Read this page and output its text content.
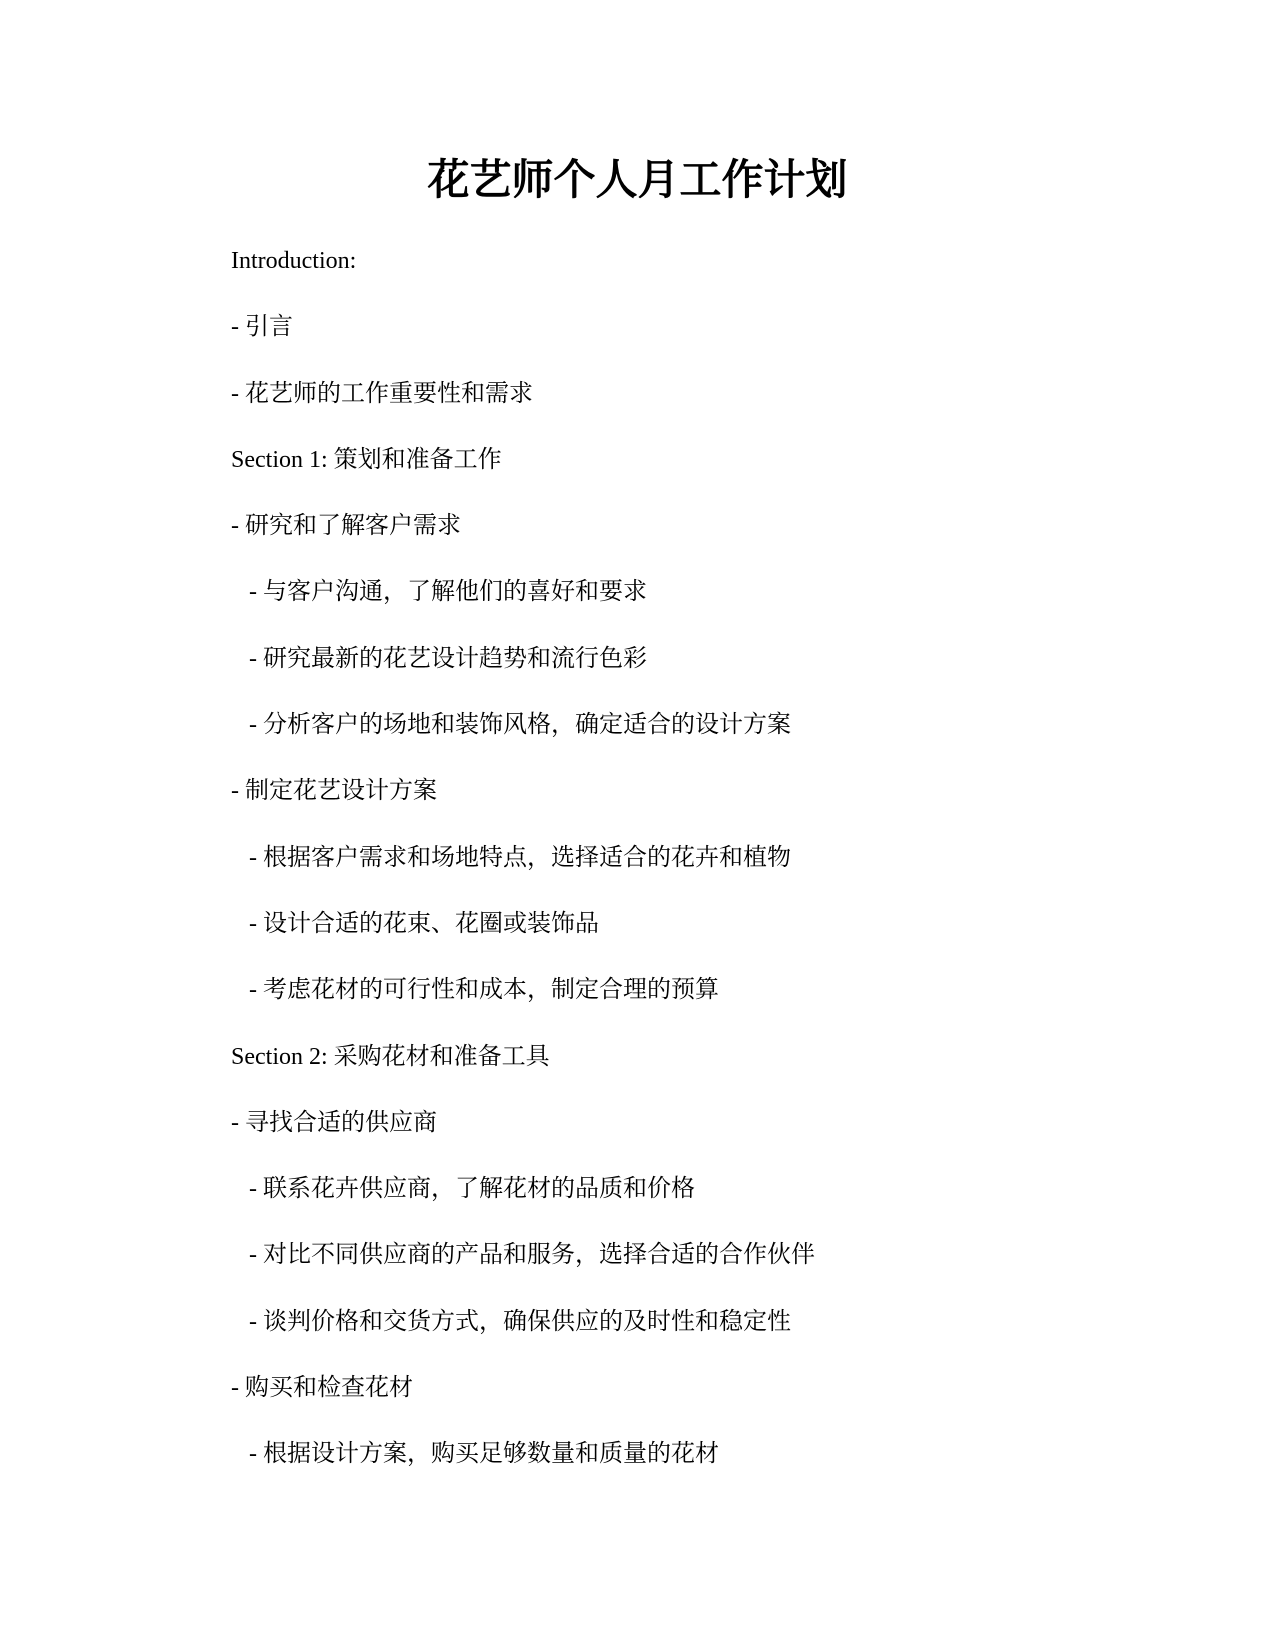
花艺师个人月工作计划
Introduction:
- 引言
- 花艺师的工作重要性和需求
Section 1: 策划和准备工作
- 研究和了解客户需求
- 与客户沟通，了解他们的喜好和要求
- 研究最新的花艺设计趋势和流行色彩
- 分析客户的场地和装饰风格，确定适合的设计方案
- 制定花艺设计方案
- 根据客户需求和场地特点，选择适合的花卉和植物
- 设计合适的花束、花圈或装饰品
- 考虑花材的可行性和成本，制定合理的预算
Section 2: 采购花材和准备工具
- 寻找合适的供应商
- 联系花卉供应商，了解花材的品质和价格
- 对比不同供应商的产品和服务，选择合适的合作伙伴
- 谈判价格和交货方式，确保供应的及时性和稳定性
- 购买和检查花材
- 根据设计方案，购买足够数量和质量的花材
